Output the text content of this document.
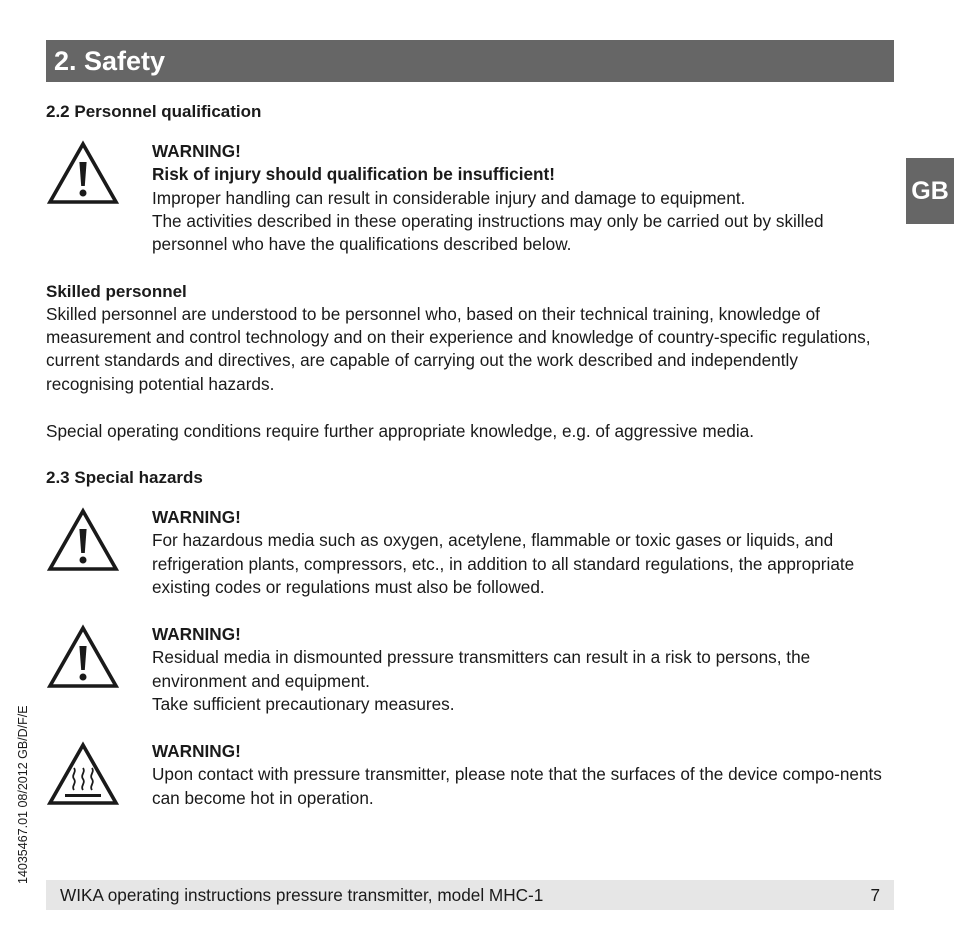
2. Safety
GB
2.2 Personnel qualification
WARNING!
Risk of injury should qualification be insufficient!
Improper handling can result in considerable injury and damage to equipment.
The activities described in these operating instructions may only be carried out by skilled personnel who have the qualifications described below.
Skilled personnel

Skilled personnel are understood to be personnel who, based on their technical training, knowledge of measurement and control technology and on their experience and knowledge of country-specific regulations, current standards and directives, are capable of carrying out the work described and independently recognising potential hazards.

Special operating conditions require further appropriate knowledge, e.g. of aggressive media.

2.3 Special hazards
WARNING!
For hazardous media such as oxygen, acetylene, flammable or toxic gases or liquids, and refrigeration plants, compressors, etc., in addition to all standard regulations, the appropriate existing codes or regulations must also be followed.
WARNING!
Residual media in dismounted pressure transmitters can result in a risk to persons, the environment and equipment.
Take sufficient precautionary measures.
WARNING!
Upon contact with pressure transmitter, please note that the surfaces of the device compo-nents can become hot in operation.
14035467.01 08/2012 GB/D/F/E
WIKA operating instructions pressure transmitter, model MHC-1	7
